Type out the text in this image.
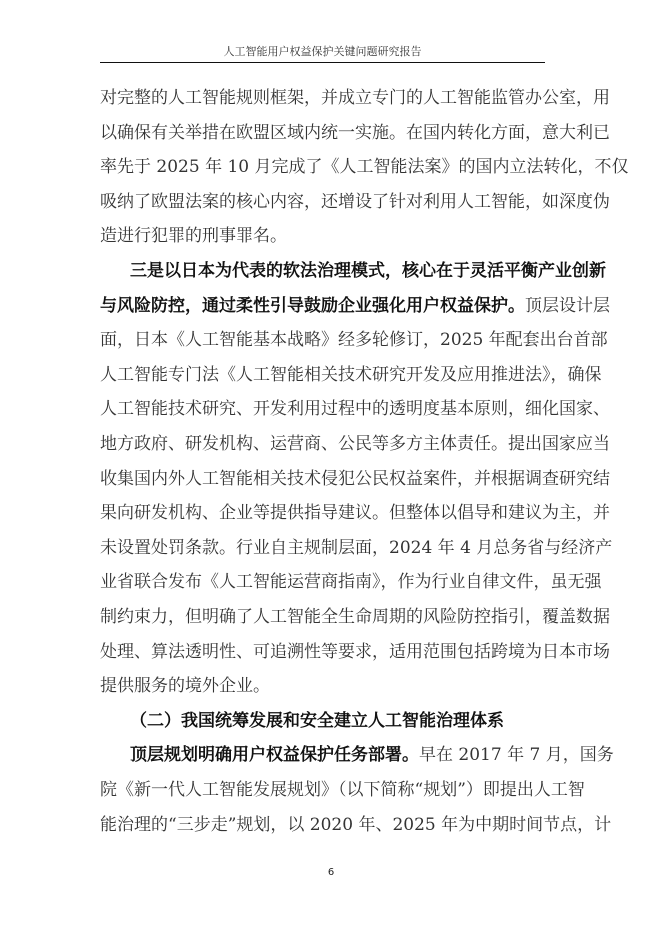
人工智能用户权益保护关键问题研究报告
对完整的人工智能规则框架，并成立专门的人工智能监管办公室，用
以确保有关举措在欧盟区域内统一实施。在国内转化方面，意大利已
率先于 2025 年 10 月完成了《人工智能法案》的国内立法转化，不仅
吸纳了欧盟法案的核心内容，还增设了针对利用人工智能，如深度伪
造进行犯罪的刑事罪名。
三是以日本为代表的软法治理模式，核心在于灵活平衡产业创新
与风险防控，通过柔性引导鼓励企业强化用户权益保护。顶层设计层
面，日本《人工智能基本战略》经多轮修订，2025 年配套出台首部
人工智能专门法《人工智能相关技术研究开发及应用推进法》，确保
人工智能技术研究、开发利用过程中的透明度基本原则，细化国家、
地方政府、研发机构、运营商、公民等多方主体责任。提出国家应当
收集国内外人工智能相关技术侵犯公民权益案件，并根据调查研究结
果向研发机构、企业等提供指导建议。但整体以倡导和建议为主，并
未设置处罚条款。行业自主规制层面，2024 年 4 月总务省与经济产
业省联合发布《人工智能运营商指南》，作为行业自律文件，虽无强
制约束力，但明确了人工智能全生命周期的风险防控指引，覆盖数据
处理、算法透明性、可追溯性等要求，适用范围包括跨境为日本市场
提供服务的境外企业。
（二）我国统筹发展和安全建立人工智能治理体系
顶层规划明确用户权益保护任务部署。早在 2017 年 7 月，国务
院《新一代人工智能发展规划》（以下简称“规划”）即提出人工智
能治理的“三步走”规划，以 2020 年、2025 年为中期时间节点，计
6
